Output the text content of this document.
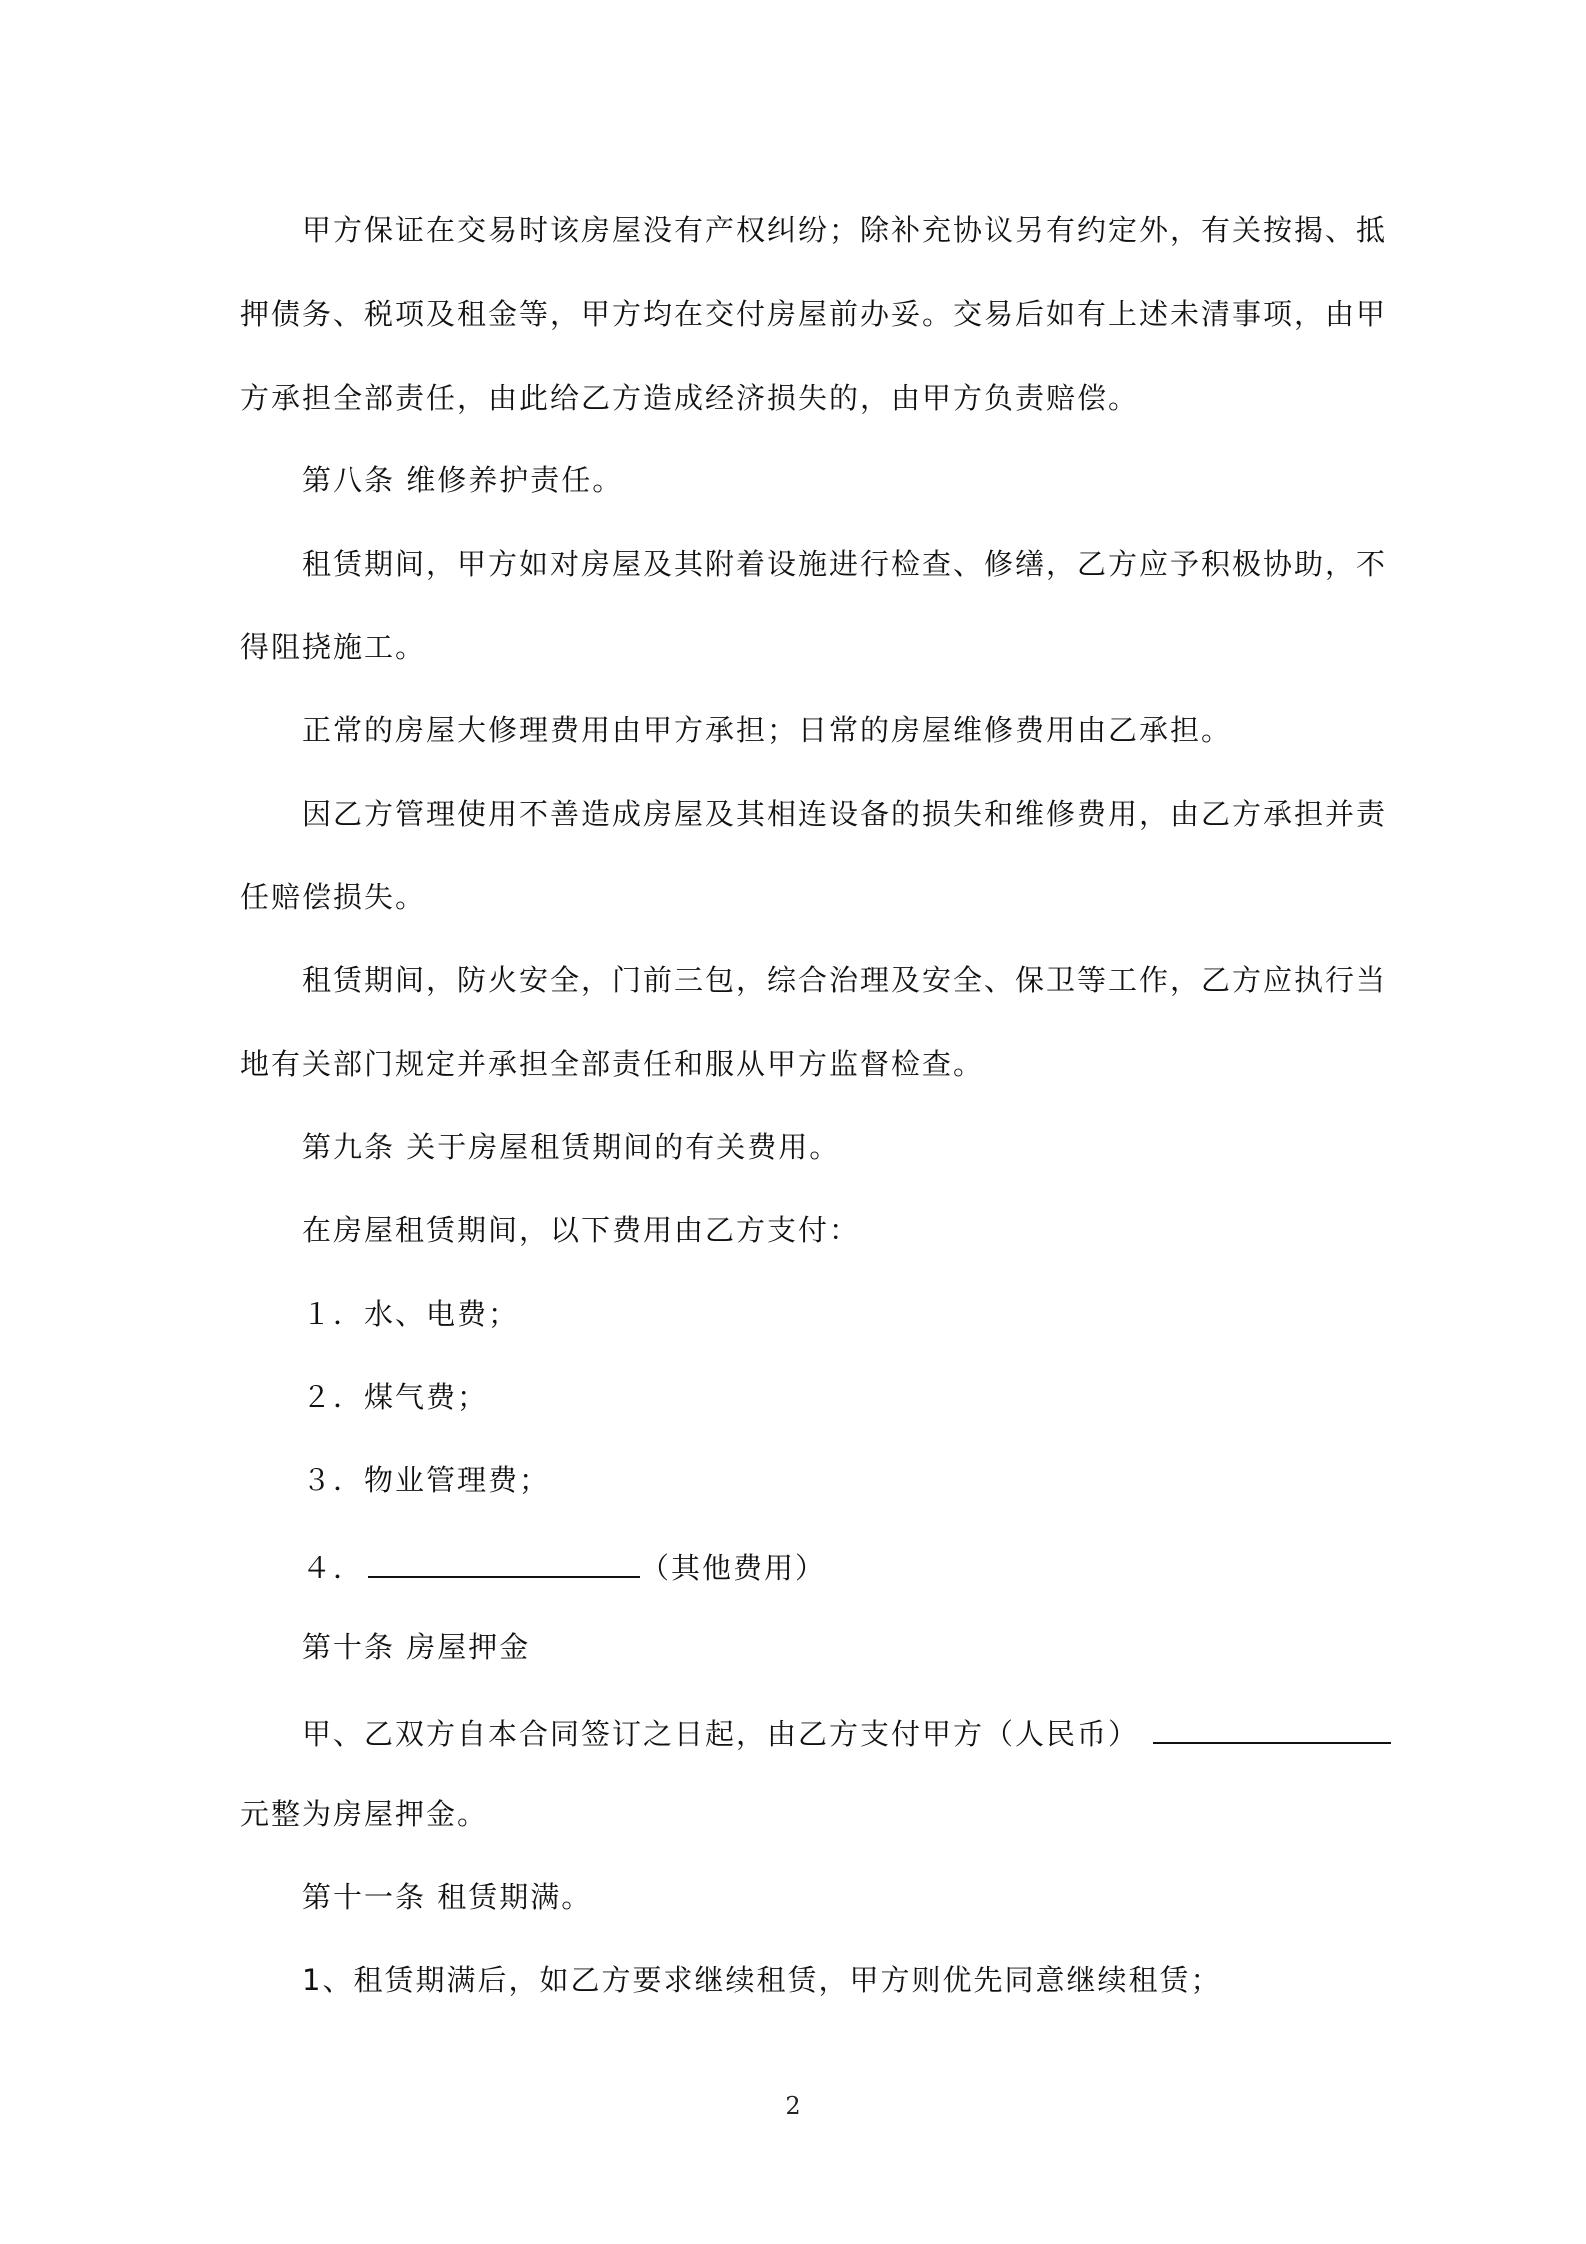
甲方保证在交易时该房屋没有产权纠纷；除补充协议另有约定外，有关按揭、抵
押债务、税项及租金等，甲方均在交付房屋前办妥。交易后如有上述未清事项，由甲
方承担全部责任，由此给乙方造成经济损失的，由甲方负责赔偿。
第八条 维修养护责任。
租赁期间，甲方如对房屋及其附着设施进行检查、修缮，乙方应予积极协助，不
得阻挠施工。
正常的房屋大修理费用由甲方承担；日常的房屋维修费用由乙承担。
因乙方管理使用不善造成房屋及其相连设备的损失和维修费用，由乙方承担并责
任赔偿损失。
租赁期间，防火安全，门前三包，综合治理及安全、保卫等工作，乙方应执行当
地有关部门规定并承担全部责任和服从甲方监督检查。
第九条 关于房屋租赁期间的有关费用。
在房屋租赁期间，以下费用由乙方支付：
１．水、电费；
２．煤气费；
３．物业管理费；
４．	（其他费用）
第十条 房屋押金
甲、乙双方自本合同签订之日起，由乙方支付甲方（人民币）
元整为房屋押金。
第十一条 租赁期满。
1、租赁期满后，如乙方要求继续租赁，甲方则优先同意继续租赁；
2
